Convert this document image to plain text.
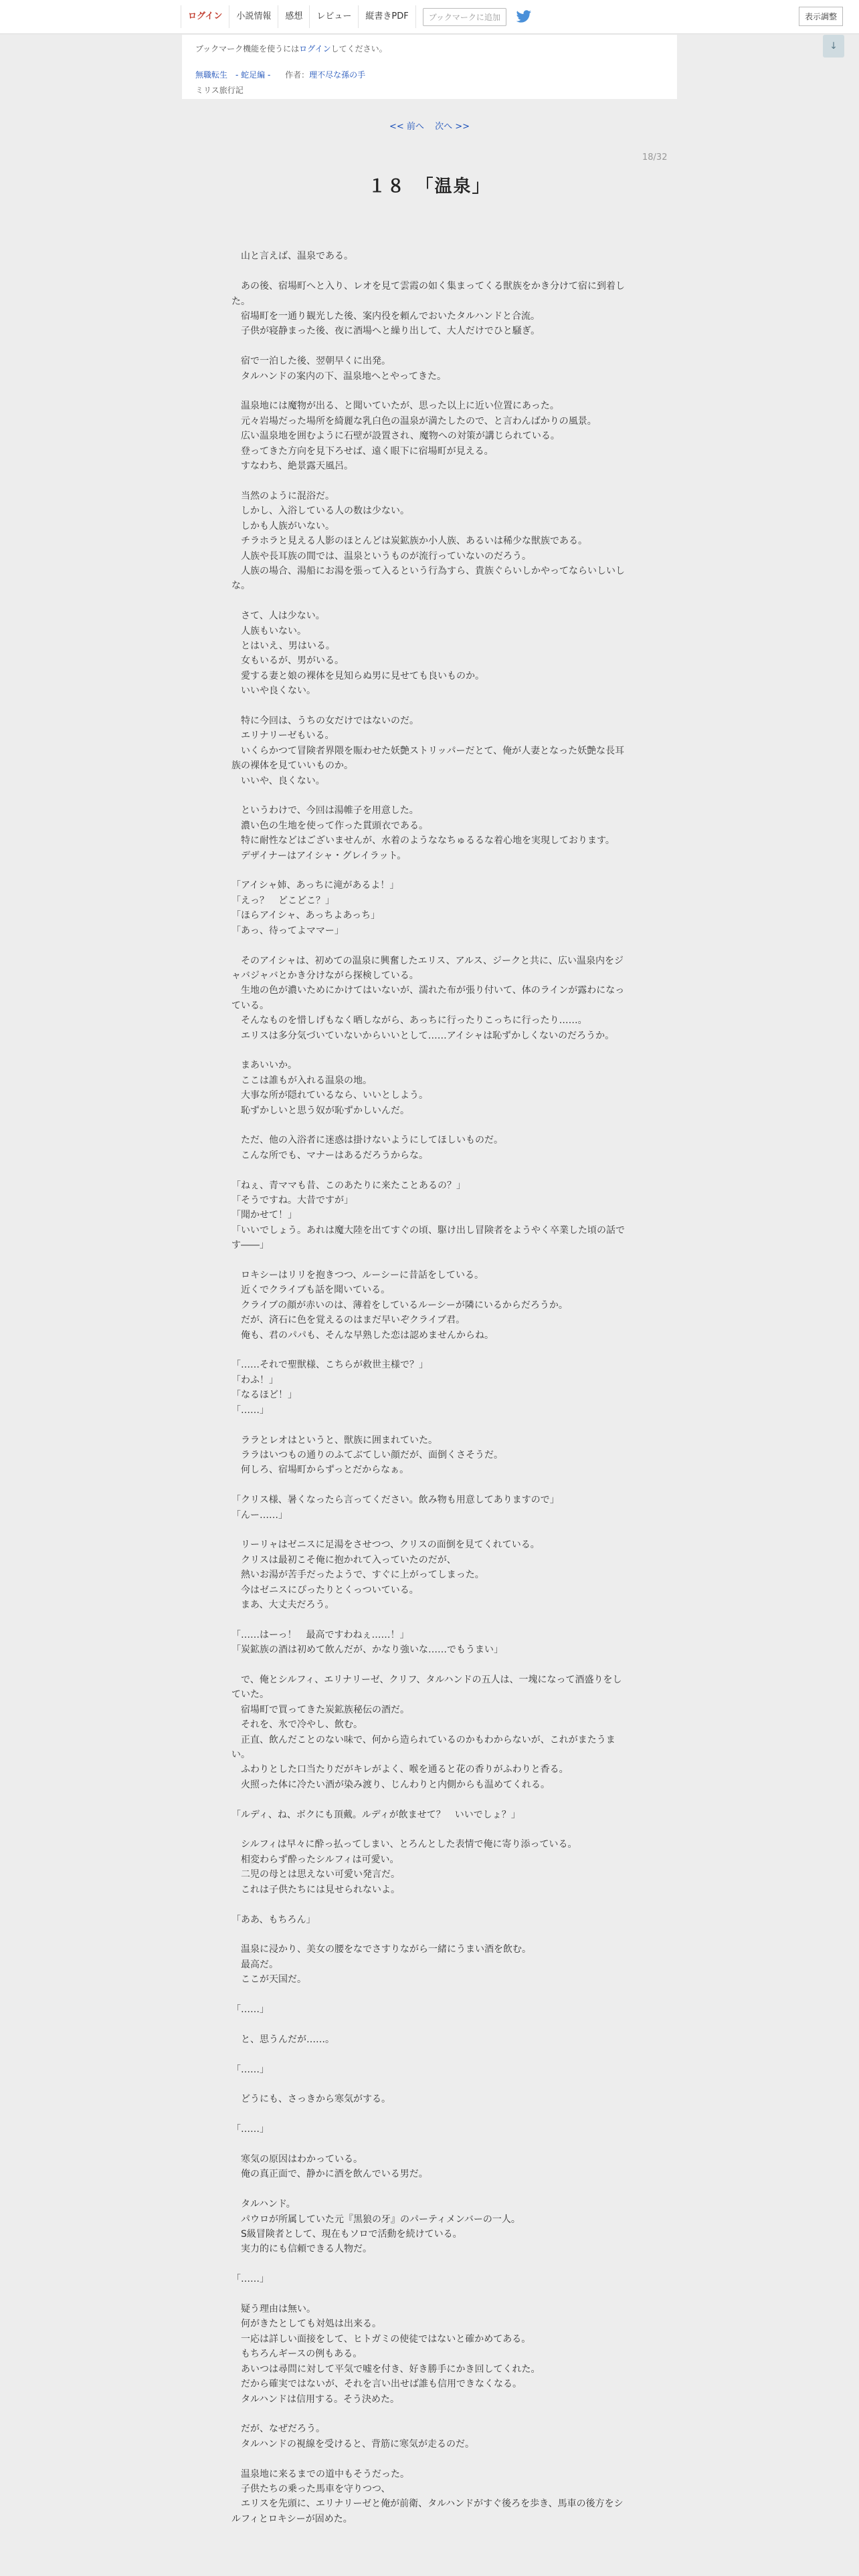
ログイン	小説情報	感想	レビュー	縦書きPDF	ブックマークに追加	表示調整
↓
ブックマーク機能を使うにはログインしてください。
無職転生　- 蛇足編 - 作者：理不尽な孫の手
ミリス旅行記
<< 前へ 次へ >>
18/32
１８　「温泉」

　山と言えば、温泉である。

　あの後、宿場町へと入り、レオを見て雲霞の如く集まってくる獣族をかき分けて宿に到着した。

　宿場町を一通り観光した後、案内役を頼んでおいたタルハンドと合流。

　子供が寝静まった後、夜に酒場へと繰り出して、大人だけでひと騒ぎ。

　宿で一泊した後、翌朝早くに出発。

　タルハンドの案内の下、温泉地へとやってきた。

　温泉地には魔物が出る、と聞いていたが、思った以上に近い位置にあった。

　元々岩場だった場所を綺麗な乳白色の温泉が満たしたので、と言わんばかりの風景。

　広い温泉地を囲むように石壁が設置され、魔物への対策が講じられている。

　登ってきた方向を見下ろせば、遠く眼下に宿場町が見える。

　すなわち、絶景露天風呂。

　当然のように混浴だ。

　しかし、入浴している人の数は少ない。

　しかも人族がいない。

　チラホラと見える人影のほとんどは炭鉱族か小人族、あるいは稀少な獣族である。

　人族や長耳族の間では、温泉というものが流行っていないのだろう。

　人族の場合、湯船にお湯を張って入るという行為すら、貴族ぐらいしかやってならいしいしな。

　さて、人は少ない。

　人族もいない。

　とはいえ、男はいる。

　女もいるが、男がいる。

　愛する妻と娘の裸体を見知らぬ男に見せても良いものか。

　いいや良くない。

　特に今回は、うちの女だけではないのだ。

　エリナリーゼもいる。

　いくらかつて冒険者界隈を賑わせた妖艶ストリッパーだとて、俺が人妻となった妖艶な長耳族の裸体を見ていいものか。

　いいや、良くない。

　というわけで、今回は湯帷子を用意した。

　濃い色の生地を使って作った貫頭衣である。

　特に耐性などはございませんが、水着のようななちゅるるな着心地を実現しております。

　デザイナーはアイシャ・グレイラット。

「アイシャ姉、あっちに滝があるよ！」

「えっ？　どこどこ？」

「ほらアイシャ、あっちよあっち」

「あっ、待ってよママー」

　そのアイシャは、初めての温泉に興奮したエリス、アルス、ジークと共に、広い温泉内をジャバジャバとかき分けながら探検している。

　生地の色が濃いためにかけてはいないが、濡れた布が張り付いて、体のラインが露わになっている。

　そんなものを惜しげもなく晒しながら、あっちに行ったりこっちに行ったり……。

　エリスは多分気づいていないからいいとして……アイシャは恥ずかしくないのだろうか。

　まあいいか。

　ここは誰もが入れる温泉の地。

　大事な所が隠れているなら、いいとしよう。

　恥ずかしいと思う奴が恥ずかしいんだ。

　ただ、他の入浴者に迷惑は掛けないようにしてほしいものだ。

　こんな所でも、マナーはあるだろうからな。

「ねぇ、青ママも昔、このあたりに来たことあるの？」

「そうですね。大昔ですが」

「聞かせて！」

「いいでしょう。あれは魔大陸を出てすぐの頃、駆け出し冒険者をようやく卒業した頃の話です――」

　ロキシーはリリを抱きつつ、ルーシーに昔話をしている。

　近くでクライブも話を聞いている。

　クライブの顔が赤いのは、薄着をしているルーシーが隣にいるからだろうか。

　だが、済石に色を覚えるのはまだ早いぞクライブ君。

　俺も、君のパパも、そんな早熟した恋は認めませんからね。

「……それで聖獣様、こちらが救世主様で？」

「わふ！」

「なるほど！」

「……」

　ララとレオはというと、獣族に囲まれていた。

　ララはいつもの通りのふてぶてしい顔だが、面倒くさそうだ。

　何しろ、宿場町からずっとだからなぁ。

「クリス様、暑くなったら言ってください。飲み物も用意してありますので」

「んー……」

　リーリャはゼニスに足湯をさせつつ、クリスの面倒を見てくれている。

　クリスは最初こそ俺に抱かれて入っていたのだが、

　熱いお湯が苦手だったようで、すぐに上がってしまった。

　今はゼニスにぴったりとくっついている。

　まあ、大丈夫だろう。

「……はーっ！　最高ですわねぇ……！」

「炭鉱族の酒は初めて飲んだが、かなり強いな……でもうまい」

　で、俺とシルフィ、エリナリーゼ、クリフ、タルハンドの五人は、一塊になって酒盛りをしていた。

　宿場町で買ってきた炭鉱族秘伝の酒だ。

　それを、氷で冷やし、飲む。

　正直、飲んだことのない味で、何から造られているのかもわからないが、これがまたうまい。

　ふわりとした口当たりだがキレがよく、喉を通ると花の香りがふわりと香る。

　火照った体に冷たい酒が染み渡り、じんわりと内側からも温めてくれる。

「ルディ、ね、ボクにも頂戴。ルディが飲ませて？　いいでしょ？」

　シルフィは早々に酔っ払ってしまい、とろんとした表情で俺に寄り添っている。

　相変わらず酔ったシルフィは可愛い。

　二児の母とは思えない可愛い発言だ。

　これは子供たちには見せられないよ。

「ああ、もちろん」

　温泉に浸かり、美女の腰をなでさすりながら一緒にうまい酒を飲む。

　最高だ。

　ここが天国だ。

「……」

　と、思うんだが……。

「……」

　どうにも、さっきから寒気がする。

「……」

　寒気の原因はわかっている。

　俺の真正面で、静かに酒を飲んでいる男だ。

　タルハンド。

　パウロが所属していた元『黒狼の牙』のパーティメンバーの一人。

　S級冒険者として、現在もソロで活動を続けている。

　実力的にも信頼できる人物だ。

「……」

　疑う理由は無い。

　何がきたとしても対処は出来る。

　一応は詳しい面接をして、ヒトガミの使徒ではないと確かめてある。

　もちろんギースの例もある。

　あいつは尋問に対して平気で嘘を付き、好き勝手にかき回してくれた。

　だから確実ではないが、それを言い出せば誰も信用できなくなる。

　タルハンドは信用する。そう決めた。

　だが、なぜだろう。

　タルハンドの視線を受けると、背筋に寒気が走るのだ。

　温泉地に来るまでの道中もそうだった。

　子供たちの乗った馬車を守りつつ、

　エリスを先頭に、エリナリーゼと俺が前衛、タルハンドがすぐ後ろを歩き、馬車の後方をシルフィとロキシーが固めた。
